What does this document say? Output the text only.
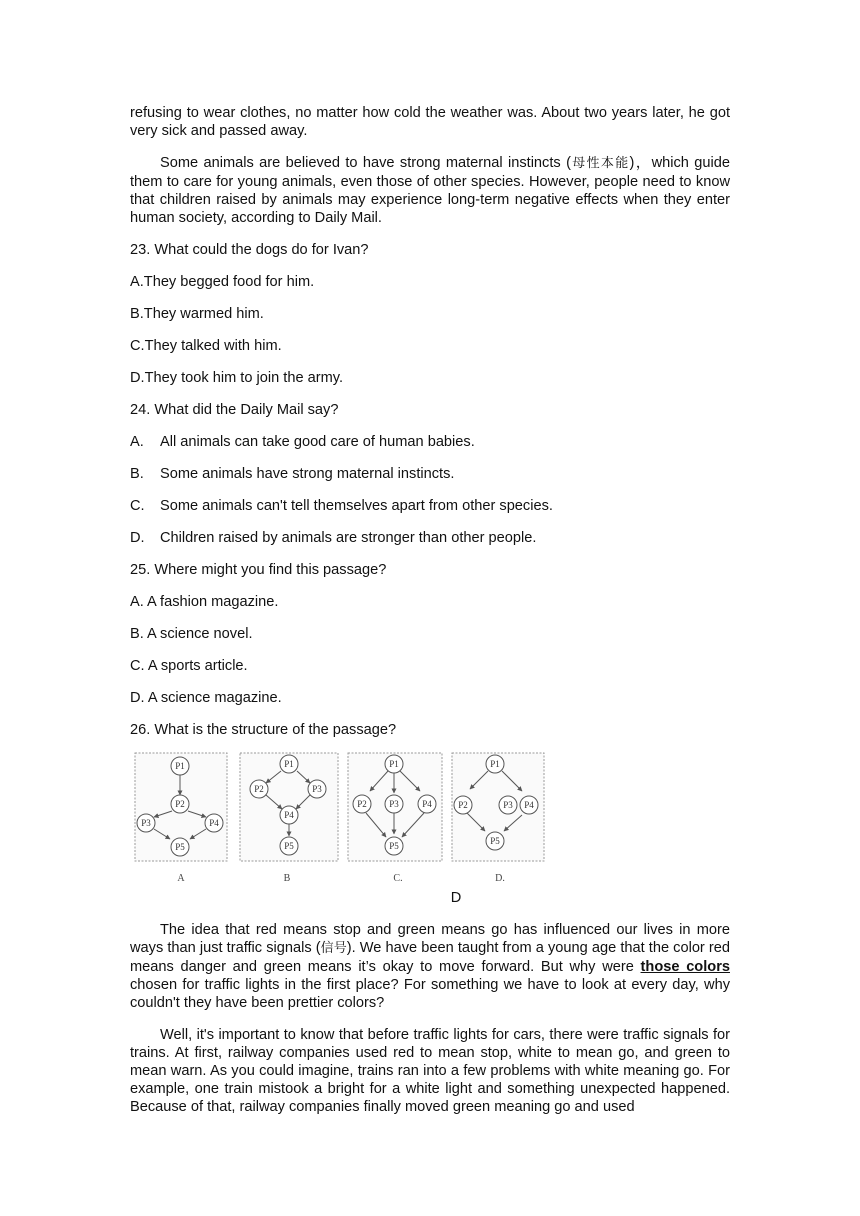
refusing to wear clothes, no matter how cold the weather was. About two years later, he got very sick and passed away.

Some animals are believed to have strong maternal instincts (母性本能)，which guide them to care for young animals, even those of other species. However, people need to know that children raised by animals may experience long-term negative effects when they enter human society, according to Daily Mail.

23. What could the dogs do for Ivan?

A.They begged food for him.

B.They warmed him.

C.They talked with him.

D.They took him to join the army.

24. What did the Daily Mail say?

A. All animals can take good care of human babies.

B. Some animals have strong maternal instincts.

C. Some animals can't tell themselves apart from other species.

D. Children raised by animals are stronger than other people.

25. Where might you find this passage?

A. A fashion magazine.

B. A science novel.

C. A sports article.

D. A science magazine.

26. What is the structure of the passage?

P1
P2
P3	P4
P5
A
P1
P2	P3
P4
P5
B
P1
P2 P3	P4
P5
C.
P1
P2	P3 P4
P5
D.

D

The idea that red means stop and green means go has influenced our lives in more ways than just traffic signals (信号). We have been taught from a young age that the color red means danger and green means it’s okay to move forward. But why were those colors chosen for traffic lights in the first place? For something we have to look at every day, why couldn't they have been prettier colors?

Well, it's important to know that before traffic lights for cars, there were traffic signals for trains. At first, railway companies used red to mean stop, white to mean go, and green to mean warn. As you could imagine, trains ran into a few problems with white meaning go. For example, one train mistook a bright for a white light and something unexpected happened. Because of that, railway companies finally moved green meaning go and used
